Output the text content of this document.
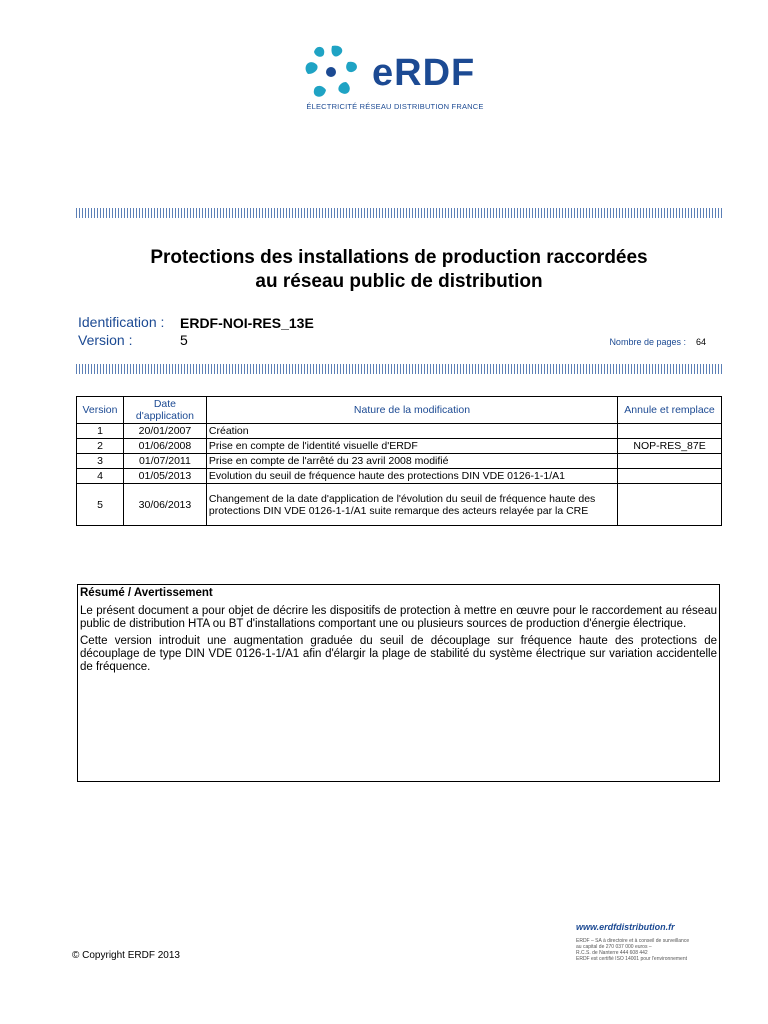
eRDF
ÉLECTRICITÉ RÉSEAU DISTRIBUTION FRANCE
Protections des installations de production raccordées
au réseau public de distribution
Identification : ERDF-NOI-RES_13E
Version :	5	Nombre de pages : 64
Version	Date d'application	Nature de la modification	Annule et remplace
1	20/01/2007	Création	
2	01/06/2008	Prise en compte de l'identité visuelle d'ERDF	NOP-RES_87E
3	01/07/2011	Prise en compte de l'arrêté du 23 avril 2008 modifié	
4	01/05/2013	Evolution du seuil de fréquence haute des protections DIN VDE 0126-1-1/A1	
5	30/06/2013	Changement de la date d'application de l'évolution du seuil de fréquence haute des protections DIN VDE 0126-1-1/A1 suite remarque des acteurs relayée par la CRE	
Résumé / Avertissement

Le présent document a pour objet de décrire les dispositifs de protection à mettre en œuvre pour le raccordement au réseau public de distribution HTA ou BT d'installations comportant une ou plusieurs sources de production d'énergie électrique.

Cette version introduit une augmentation graduée du seuil de découplage sur fréquence haute des protections de découplage de type DIN VDE 0126-1-1/A1 afin d'élargir la plage de stabilité du système électrique sur variation accidentelle de fréquence.

www.erdfdistribution.fr
ERDF – SA à directoire et à conseil de surveillance
au capital de 270 037 000 euros –
R.C.S. de Nanterre 444 608 442
ERDF est certifié ISO 14001 pour l'environnement
© Copyright ERDF 2013
